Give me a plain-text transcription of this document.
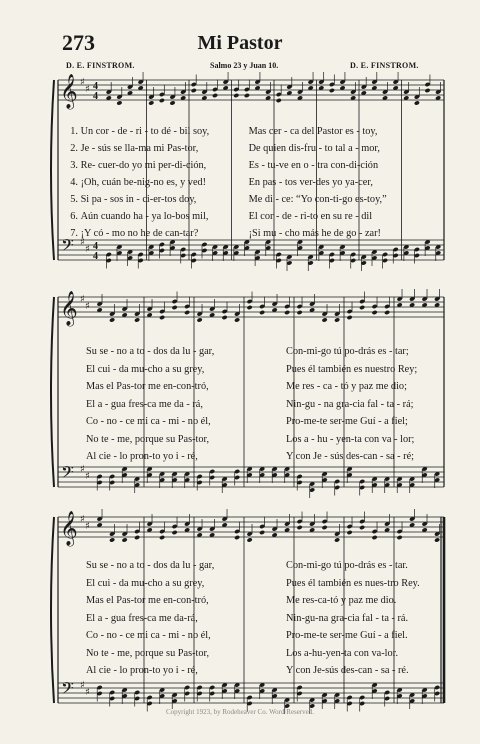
273	Mi Pastor
D. E. FINSTROM.	Salmo 23 y Juan 10.	D. E. FINSTROM.
𝄞
𝄢
♯
♯
♯
♯
4
4
4
4
𝄞
𝄢
♯
♯
♯
♯
𝄞
𝄢
♯
♯
♯
♯
1. Un cor - de - ri - to dé - bil soy,	Mas cer - ca del Pastor es - toy,
2. Je - sús se lla-ma mi Pas-tor,	De quien dis-fru - to tal a - mor,
3. Re- cuer-do yo mi per-di-ción,	Es - tu-ve en o - tra con-di-ción
4. ¡Oh, cuán be-nig-no es, y ved!	En pas - tos ver-des yo ya-cer,
5. Si pa - sos in - ci-er-tos doy,	Me di - ce: “Yo con-ti-go es-toy,”
6. Aún cuando ha - ya lo-bos mil,	El cor - de - ri-to en su re - dil
7. ¡Y có - mo no he de can-tar?	¡Si mu - cho más he de go - zar!
Su se - no a to - dos da lu - gar,	Con-mi-go tú po-drás es - tar;
El cui - da mu-cho a su grey,	Pues él también es nuestro Rey;
Mas el Pas-tor me en-con-tró,	Me res - ca - tó y paz me dio;
El a - gua fres-ca me da - rá,	Nin-gu - na gra-cia fal - ta - rá;
Co - no - ce mi ca - mi - no él,	Pro-me-te ser-me Guí - a fiel;
No te - me, porque su Pas-tor,	Los a - hu - yen-ta con va - lor;
Al cie - lo pron-to yo i - ré,	Y con Je - sús des-can - sa - ré;
Su se - no a to - dos da lu - gar,	Con-mi-go tú po-drás es - tar.
El cui - da mu-cho a su grey,	Pues él también es nues-tro Rey.
Mas el Pas-tor me en-con-tró,	Me res-ca-tó y paz me dio.
El a - gua fres-ca me da-rá,	Nin-gu-na gra-cia fal - ta - rá.
Co - no - ce mi ca - mi - no él,	Pro-me-te ser-me Guí - a fiel.
No te - me, porque su Pas-tor,	Los a-hu-yen-ta con va-lor.
Al cie - lo pron-to yo i - ré,	Y con Je-sús des-can - sa - ré.
Copyright 1923, by Rodeheaver Co. Word Reserved.
